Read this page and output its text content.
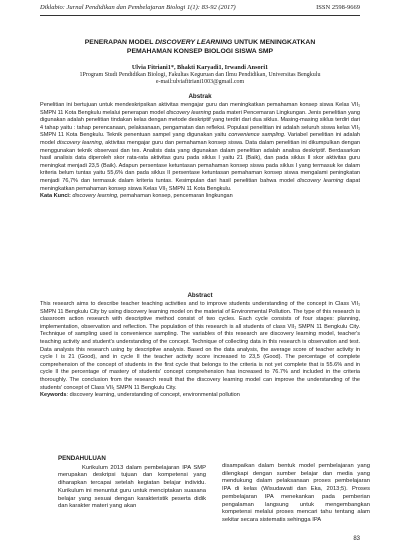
Diklabio: Jurnal Pendidikan dan Pembelajaran Biologi 1(1): 83-92 (2017)	ISSN 2598-9669
PENERAPAN MODEL DISCOVERY LEARNING UNTUK MENINGKATKAN
PEMAHAMAN KONSEP BIOLOGI SISWA SMP
Ulvia Fitriani1*, Bhakti Karyadi1, Irwandi Ansori1
1Program Studi Pendidikan Biologi, Fakultas Keguruan dan Ilmu Pendidikan, Universitas Bengkulu
e-mail:ulviafitriani1003@gmail.com
Abstrak
Penelitian ini bertujuan untuk mendeskripsikan aktivitas mengajar guru dan meningkatkan pemahaman konsep siswa Kelas VII₁ SMPN 11 Kota Bengkulu melalui penerapan model discovery learning pada materi Pencemaran Lingkungan. Jenis penelitian yang digunakan adalah penelitian tindakan kelas dengan metode deskriptif yang terdiri dari dua siklus. Masing-masing siklus terdiri dari 4 tahap yaitu : tahap perencanaan, pelaksanaan, pengamatan dan refleksi. Populasi penelitian ini adalah seluruh siswa kelas VII₁ SMPN 11 Kota Bengkulu. Teknik penentuan sampel yang digunakan yaitu convenience sampling. Variabel penelitian ini adalah model discovery learning, aktivitas mengajar guru dan pemahaman konsep siswa. Data dalam penelitian ini dikumpulkan dengan menggunakan teknik observasi dan tes. Analisis data yang digunakan dalam penelitian adalah analisa deskriptif. Berdasarkan hasil analisis data diperoleh skor rata-rata aktivitas guru pada siklus I yaitu 21 (Baik), dan pada siklus II skor aktivitas guru meningkat menjadi 23,5 (Baik). Adapun persentase ketuntasan pemahaman konsep siswa pada siklus I yang termasuk ke dalam kriteria belum tuntas yaitu 55,6% dan pada siklus II persentase ketuntasan pemahaman konsep siswa mengalami peningkatan menjadi 76,7% dan termasuk dalam kriteria tuntas. Kesimpulan dari hasil penelitian bahwa model discovery learning dapat meningkatkan pemahaman konsep siswa Kelas VII₁ SMPN 11 Kota Bengkulu.
Kata Kunci: discovery learning, pemahaman konsep, pencemaran lingkungan
Abstract
This research aims to describe teacher teaching activities and to improve students understanding of the concept in Class VII₁ SMPN 11 Bengkulu City by using discovery learning model on the material of Environmental Pollution. The type of this research is classroom action research with descriptive method consist of two cycles. Each cycle consists of four stages: planning, implementation, observation and reflection. The population of this research is all students of class VII₁ SMPN 11 Bengkulu City. Technique of sampling used is convenience sampling. The variables of this research are discovery learning model, teacher's teaching activity and student's understanding of the concept. Technique of collecting data in this research is observation and test. Data analysis this research using by descriptive analysis. Based on the data analysis, the average score of teacher activity in cycle I is 21 (Good), and in cycle II the teacher activity score increased to 23,5 (Good). The percentage of complete comprehension of the concept of students in the first cycle that belongs to the criteria is not yet complete that is 55.6% and in cycle II the percentage of mastery of students' concept comprehension has increased to 76.7% and included in the criteria thoroughly. The conclusion from the research result that the discovery learning model can improve the understanding of the students' concept of Class VII₁ SMPN 11 Bengkulu City.
Keywords: discovery learning, understanding of concept, environmental pollution
PENDAHULUAN
Kurikulum 2013 dalam pembelajaran IPA SMP merupakan deskripsi tujuan dan kompetensi yang diharapkan tercapai setelah kegiatan belajar individu. Kurikulum ini menuntut guru untuk menciptakan suasana belajar yang sesuai dengan karakteristik peserta didik dan karakter materi yang akan
disampaikan dalam bentuk model pembelajaran yang dilengkapi dengan sumber belajar dan media yang mendukung dalam pelaksanaan proses pembelajaran IPA di kelas (Wisudawati dan Eka, 2013;5). Proses pembelajaran IPA menekankan pada pemberian pengalaman langsung untuk mengembangkan kompetensi melalui proses mencari tahu tentang alam sekitar secara sistematis sehingga IPA
83
